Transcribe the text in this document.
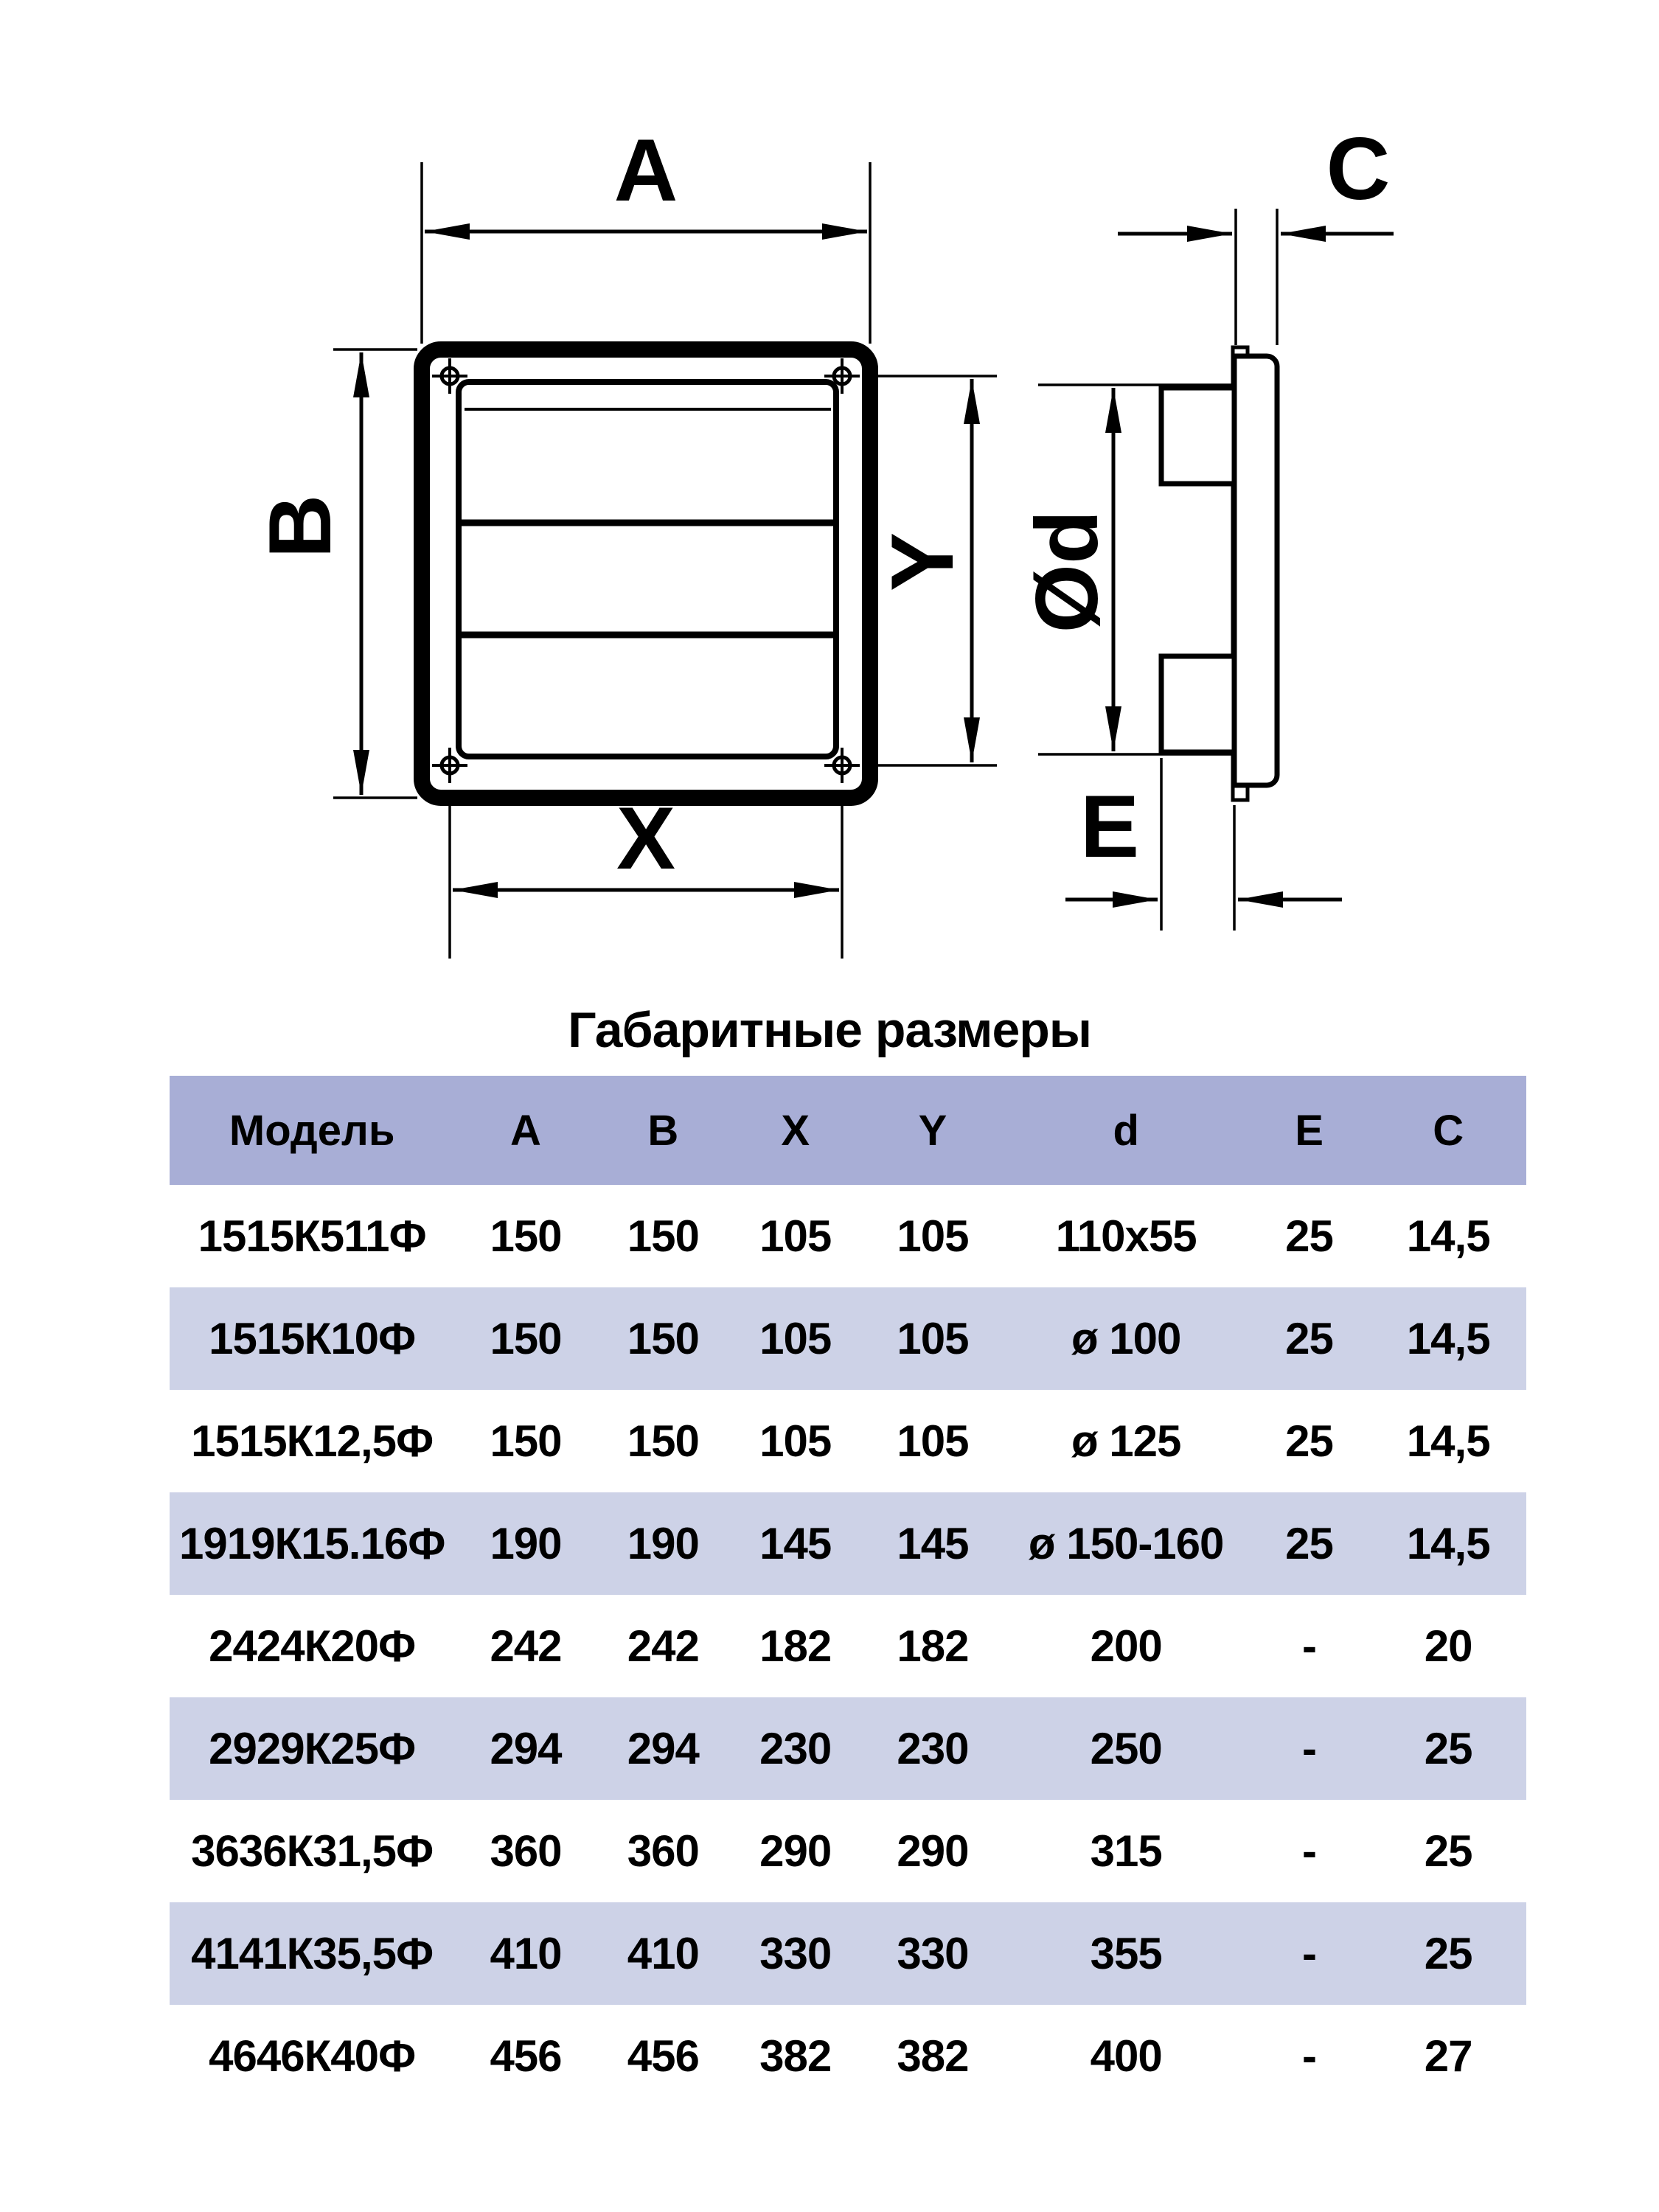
A
B
X
Y Ød
C
E
Габаритные размеры
Модель	A	B	X	Y	d	E	C
1515К511Ф	150	150	105	105	110x55	25	14,5
1515К10Ф	150	150	105	105	ø 100	25	14,5
1515К12,5Ф	150	150	105	105	ø 125	25	14,5
1919К15.16Ф	190	190	145	145	ø 150-160	25	14,5
2424К20Ф	242	242	182	182	200	-	20
2929К25Ф	294	294	230	230	250	-	25
3636К31,5Ф	360	360	290	290	315	-	25
4141К35,5Ф	410	410	330	330	355	-	25
4646К40Ф	456	456	382	382	400	-	27
